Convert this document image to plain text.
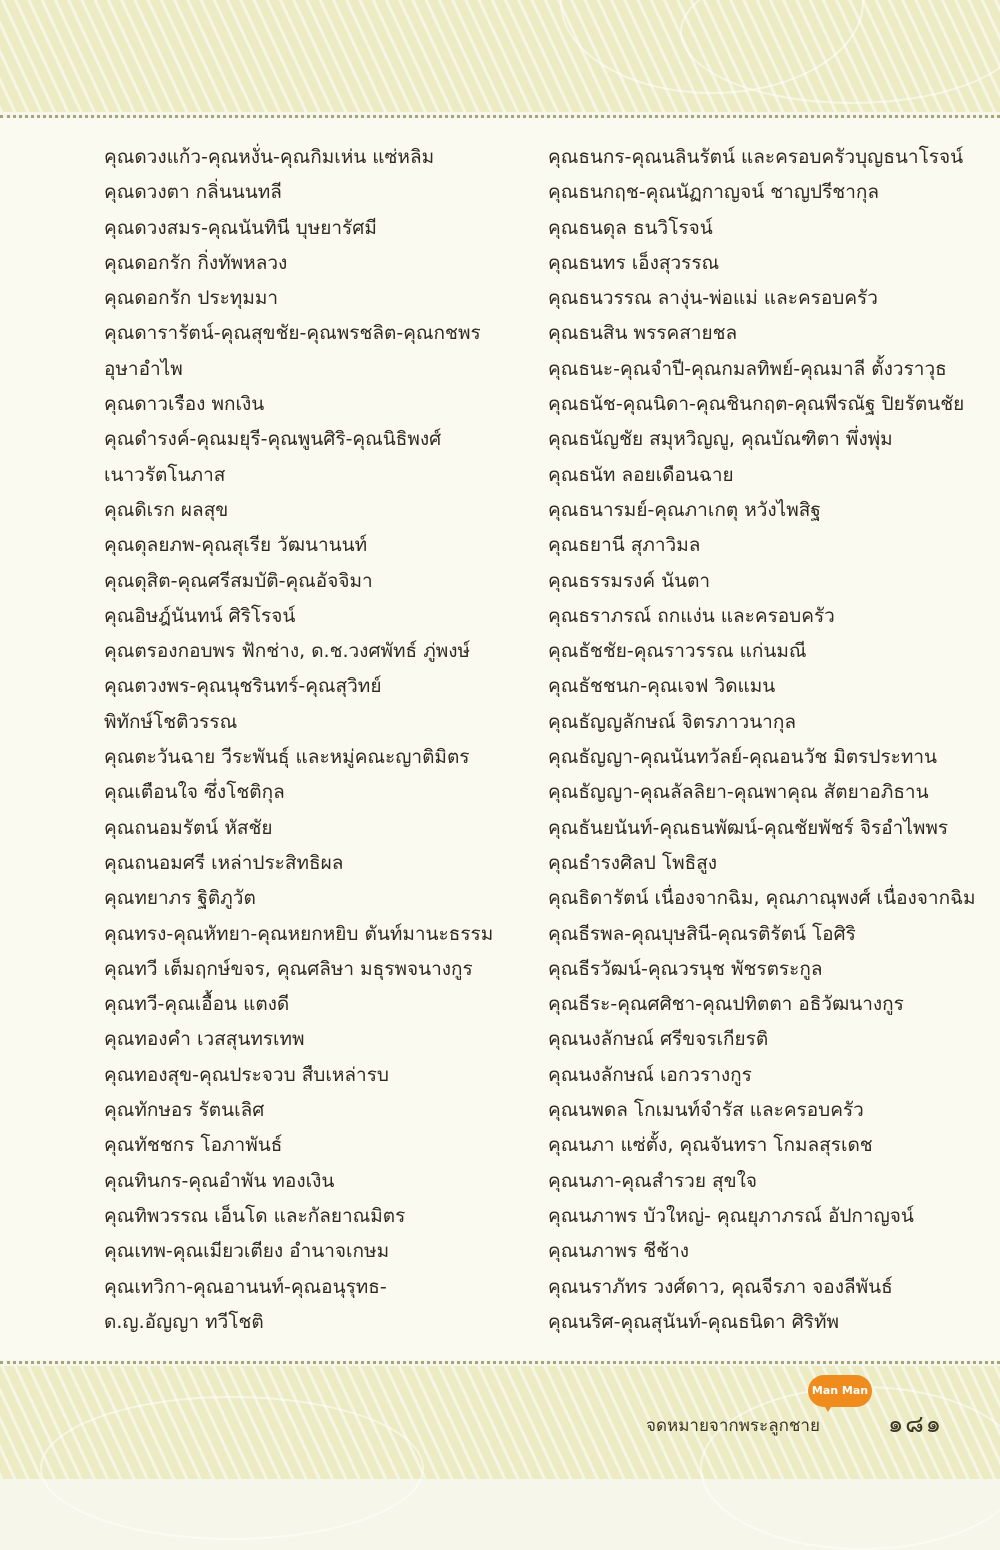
คุณดวงแก้ว-คุณหงั่น-คุณกิมเห่น แซ่หลิม
คุณดวงตา กลิ่นนนทลี
คุณดวงสมร-คุณนันทินี บุษยารัศมี
คุณดอกรัก กิ่งทัพหลวง
คุณดอกรัก ประทุมมา
คุณดารารัตน์-คุณสุขชัย-คุณพรชลิต-คุณกชพร
อุษาอำไพ
คุณดาวเรือง พกเงิน
คุณดำรงค์-คุณมยุรี-คุณพูนศิริ-คุณนิธิพงศ์
เนาวรัตโนภาส
คุณดิเรก ผลสุข
คุณดุลยภพ-คุณสุเรีย วัฒนานนท์
คุณดุสิต-คุณศรีสมบัติ-คุณอัจจิมา
คุณอิษฎ์นันทน์ ศิริโรจน์
คุณตรองกอบพร ฟักช่าง, ด.ช.วงศพัทธ์ ภู่พงษ์
คุณตวงพร-คุณนุชรินทร์-คุณสุวิทย์
พิทักษ์โชติวรรณ
คุณตะวันฉาย วีระพันธุ์ และหมู่คณะญาติมิตร
คุณเตือนใจ ซึ่งโชติกุล
คุณถนอมรัตน์ หัสชัย
คุณถนอมศรี เหล่าประสิทธิผล
คุณทยาภร ฐิติภูวัต
คุณทรง-คุณหัทยา-คุณหยกหยิบ ตันท์มานะธรรม
คุณทวี เต็มฤกษ์ขจร, คุณศลิษา มธุรพจนางกูร
คุณทวี-คุณเอื้อน แตงดี
คุณทองคำ เวสสุนทรเทพ
คุณทองสุข-คุณประจวบ สืบเหล่ารบ
คุณทักษอร รัตนเลิศ
คุณทัชชกร โอภาพันธ์
คุณทินกร-คุณอำพัน ทองเงิน
คุณทิพวรรณ เอ็นโด และกัลยาณมิตร
คุณเทพ-คุณเมียวเตียง อำนาจเกษม
คุณเทวิกา-คุณอานนท์-คุณอนุรุทธ-
ด.ญ.อัญญา ทวีโชติ
คุณธนกร-คุณนลินรัตน์ และครอบครัวบุญธนาโรจน์
คุณธนกฤช-คุณนัฏกาญจน์ ชาญปรีชากุล
คุณธนดุล ธนวิโรจน์
คุณธนทร เอ็งสุวรรณ
คุณธนวรรณ ลางุ่น-พ่อแม่ และครอบครัว
คุณธนสิน พรรคสายชล
คุณธนะ-คุณจำปี-คุณกมลทิพย์-คุณมาลี ตั้งวราวุธ
คุณธนัช-คุณนิดา-คุณชินกฤต-คุณพีรณัฐ ปิยรัตนชัย
คุณธนัญชัย สมุหวิญญู, คุณบัณฑิตา พึ่งพุ่ม
คุณธนัท ลอยเดือนฉาย
คุณธนารมย์-คุณภาเกตุ หวังไพสิฐ
คุณธยานี สุภาวิมล
คุณธรรมรงค์ นันตา
คุณธราภรณ์ ถกแง่น และครอบครัว
คุณธัชชัย-คุณราวรรณ แก่นมณี
คุณธัชชนก-คุณเจฟ วิดแมน
คุณธัญญลักษณ์ จิตรภาวนากุล
คุณธัญญา-คุณนันทวัลย์-คุณอนวัช มิตรประทาน
คุณธัญญา-คุณลัลลิยา-คุณพาคุณ สัตยาอภิธาน
คุณธันยนันท์-คุณธนพัฒน์-คุณชัยพัชร์ จิรอำไพพร
คุณธำรงศิลป โพธิสูง
คุณธิดารัตน์ เนื่องจากฉิม, คุณภาณุพงศ์ เนื่องจากฉิม
คุณธีรพล-คุณบุษสินี-คุณรติรัตน์ โอศิริ
คุณธีรวัฒน์-คุณวรนุช พัชรตระกูล
คุณธีระ-คุณศศิชา-คุณปทิตตา อธิวัฒนางกูร
คุณนงลักษณ์ ศรีขจรเกียรติ
คุณนงลักษณ์ เอกวรางกูร
คุณนพดล โกเมนท์จำรัส และครอบครัว
คุณนภา แซ่ตั้ง, คุณจันทรา โกมลสุรเดช
คุณนภา-คุณสำรวย สุขใจ
คุณนภาพร บัวใหญ่- คุณยุภาภรณ์ อัปกาญจน์
คุณนภาพร ชีช้าง
คุณนราภัทร วงศ์ดาว, คุณจีรภา จองลีพันธ์
คุณนริศ-คุณสุนันท์-คุณธนิดา ศิริทัพ
Man Man
จดหมายจากพระลูกชาย	๑๘๑
